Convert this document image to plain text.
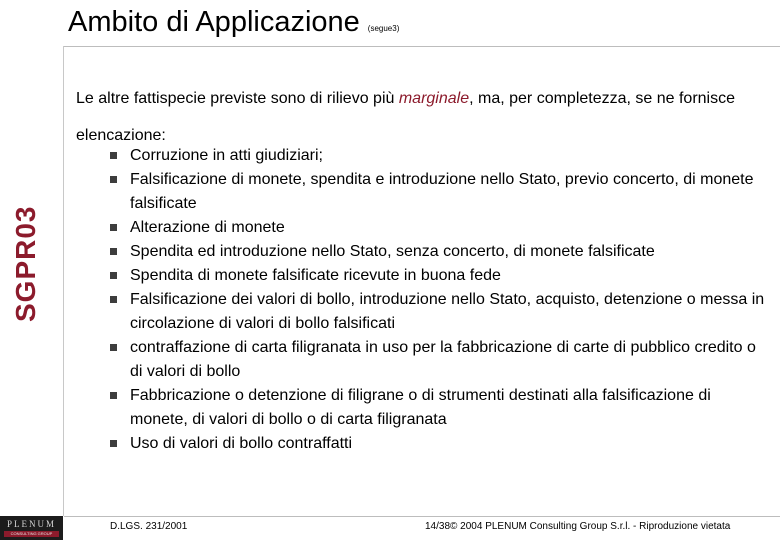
Ambito di Applicazione (segue3)
SGPR03

Le altre fattispecie previste sono di rilievo più marginale, ma, per completezza, se ne fornisce elencazione:

Corruzione in atti giudiziari;
Falsificazione di monete, spendita e introduzione nello Stato, previo concerto, di monete falsificate
Alterazione di monete
Spendita ed introduzione nello Stato, senza concerto, di monete falsificate
Spendita di monete falsificate ricevute in buona fede
Falsificazione dei valori di bollo, introduzione nello Stato, acquisto, detenzione o messa in circolazione di valori di bollo falsificati
contraffazione di carta filigranata in uso per la fabbricazione di carte di pubblico credito o di valori di bollo
Fabbricazione o detenzione di filigrane o di strumenti destinati alla falsificazione di monete, di valori di bollo o di carta filigranata
Uso di valori di bollo contraffatti
D.LGS. 231/2001	14/38© 2004 PLENUM Consulting Group S.r.l. - Riproduzione vietata
PLENUM
CONSULTING GROUP
